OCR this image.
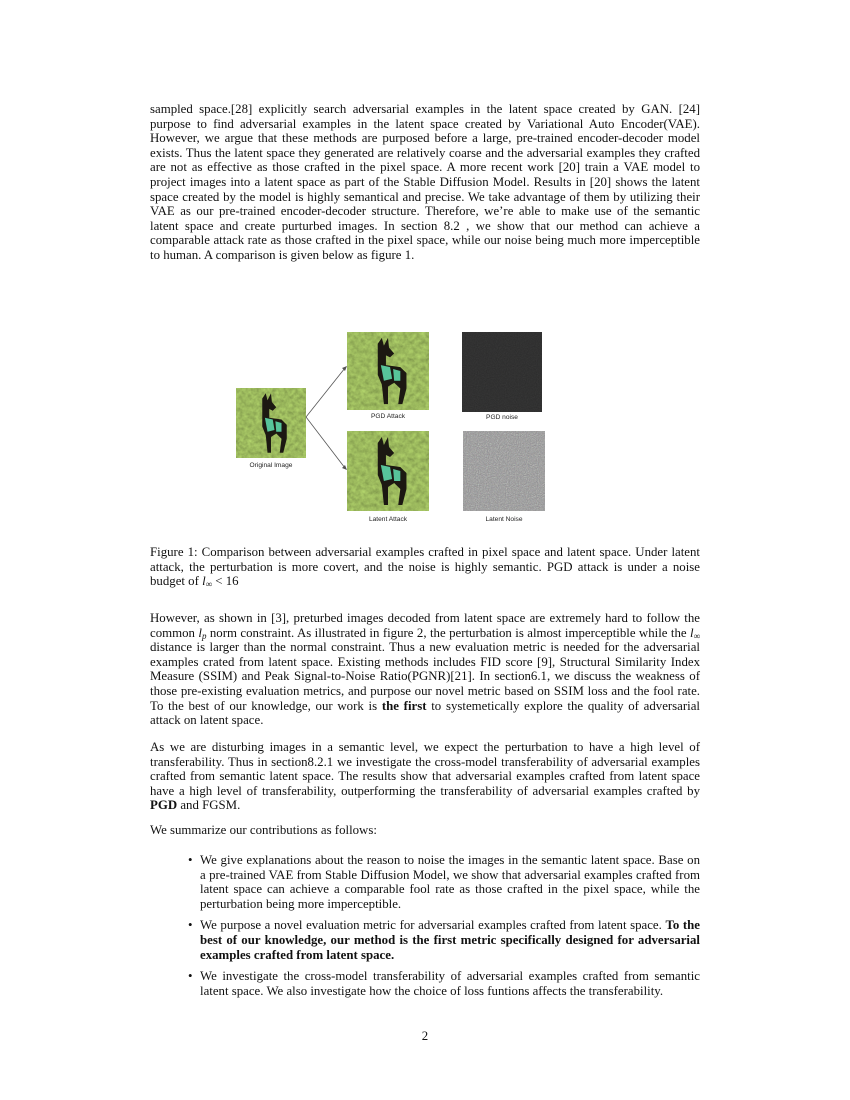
sampled space.[28] explicitly search adversarial examples in the latent space created by GAN. [24] purpose to find adversarial examples in the latent space created by Variational Auto Encoder(VAE). However, we argue that these methods are purposed before a large, pre-trained encoder-decoder model exists. Thus the latent space they generated are relatively coarse and the adversarial examples they crafted are not as effective as those crafted in the pixel space. A more recent work [20] train a VAE model to project images into a latent space as part of the Stable Diffusion Model. Results in [20] shows the latent space created by the model is highly semantical and precise. We take advantage of them by utilizing their VAE as our pre-trained encoder-decoder structure. Therefore, we’re able to make use of the semantic latent space and create purturbed images. In section 8.2 , we show that our method can achieve a comparable attack rate as those crafted in the pixel space, while our noise being much more imperceptible to human. A comparison is given below as figure 1.

Original Image
PGD Attack	PGD noise
Latent Attack	Latent Noise

Figure 1: Comparison between adversarial examples crafted in pixel space and latent space. Under latent attack, the perturbation is more covert, and the noise is highly semantic. PGD attack is under a noise budget of $l_\infty < 16$

However, as shown in [3], preturbed images decoded from latent space are extremely hard to follow the common $l_p$ norm constraint. As illustrated in figure 2, the perturbation is almost imperceptible while the $l_\infty$ distance is larger than the normal constraint. Thus a new evaluation metric is needed for the adversarial examples crated from latent space. Existing methods includes FID score [9], Structural Similarity Index Measure (SSIM) and Peak Signal-to-Noise Ratio(PGNR)[21]. In section6.1, we discuss the weakness of those pre-existing evaluation metrics, and purpose our novel metric based on SSIM loss and the fool rate. To the best of our knowledge, our work is the first to systemetically explore the quality of adversarial attack on latent space.

As we are disturbing images in a semantic level, we expect the perturbation to have a high level of transferability. Thus in section8.2.1 we investigate the cross-model transferability of adversarial examples crafted from semantic latent space. The results show that adversarial examples crafted from latent space have a high level of transferability, outperforming the transferability of adversarial examples crafted by PGD and FGSM.

We summarize our contributions as follows:

• We give explanations about the reason to noise the images in the semantic latent space. Base on a pre-trained VAE from Stable Diffusion Model, we show that adversarial examples crafted from latent space can achieve a comparable fool rate as those crafted in the pixel space, while the perturbation being more imperceptible.
• We purpose a novel evaluation metric for adversarial examples crafted from latent space. To the best of our knowledge, our method is the first metric specifically designed for adversarial examples crafted from latent space.
• We investigate the cross-model transferability of adversarial examples crafted from semantic latent space. We also investigate how the choice of loss funtions affects the transferability.
2
